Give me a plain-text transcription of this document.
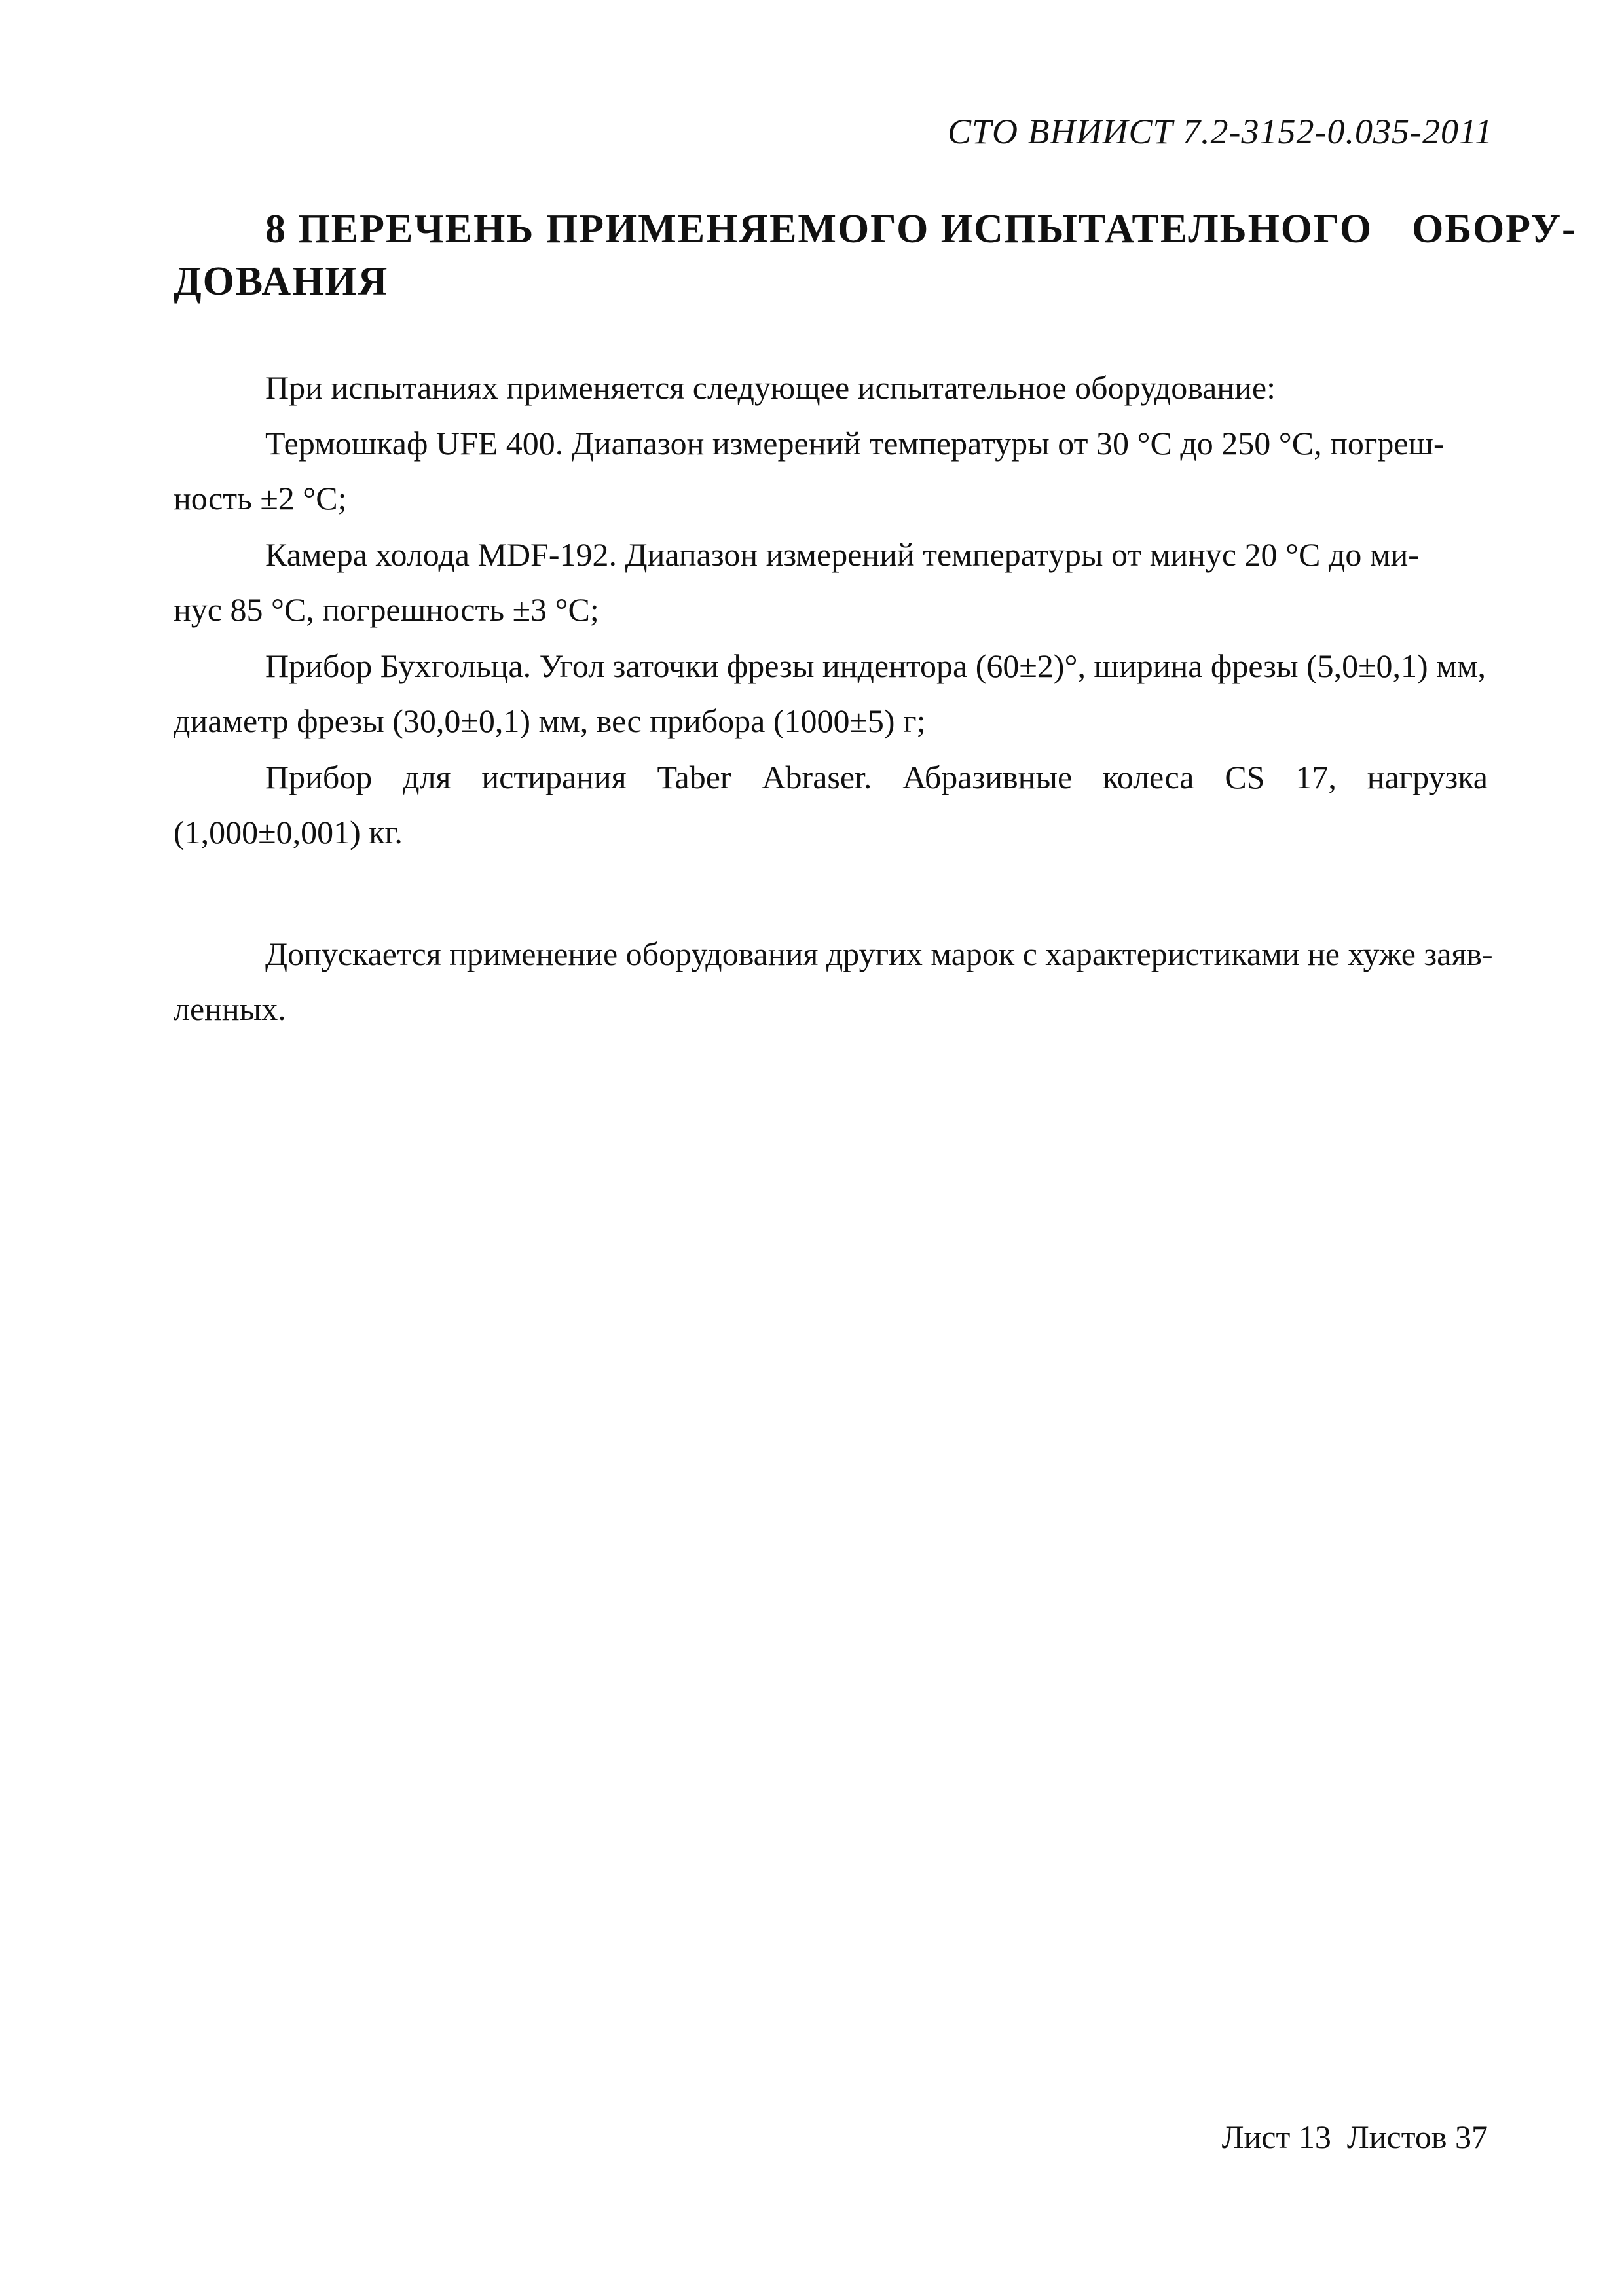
СТО ВНИИСТ 7.2-3152-0.035-2011
8 ПЕРЕЧЕНЬ ПРИМЕНЯЕМОГО ИСПЫТАТЕЛЬНОГО ОБОРУ-
ДОВАНИЯ
При испытаниях применяется следующее испытательное оборудование:
Термошкаф UFE 400. Диапазон измерений температуры от 30 °C до 250 °C, погреш-
ность ±2 °C;
Камера холода MDF-192. Диапазон измерений температуры от минус 20 °C до ми-
нус 85 °C, погрешность ±3 °C;
Прибор Бухгольца. Угол заточки фрезы индентора (60±2)°, ширина фрезы (5,0±0,1) мм,
диаметр фрезы (30,0±0,1) мм, вес прибора (1000±5) г;
Прибор для истирания Taber Abraser. Абразивные колеса CS 17, нагрузка
(1,000±0,001) кг.
Допускается применение оборудования других марок с характеристиками не хуже заяв-
ленных.
Лист 13 Листов 37
